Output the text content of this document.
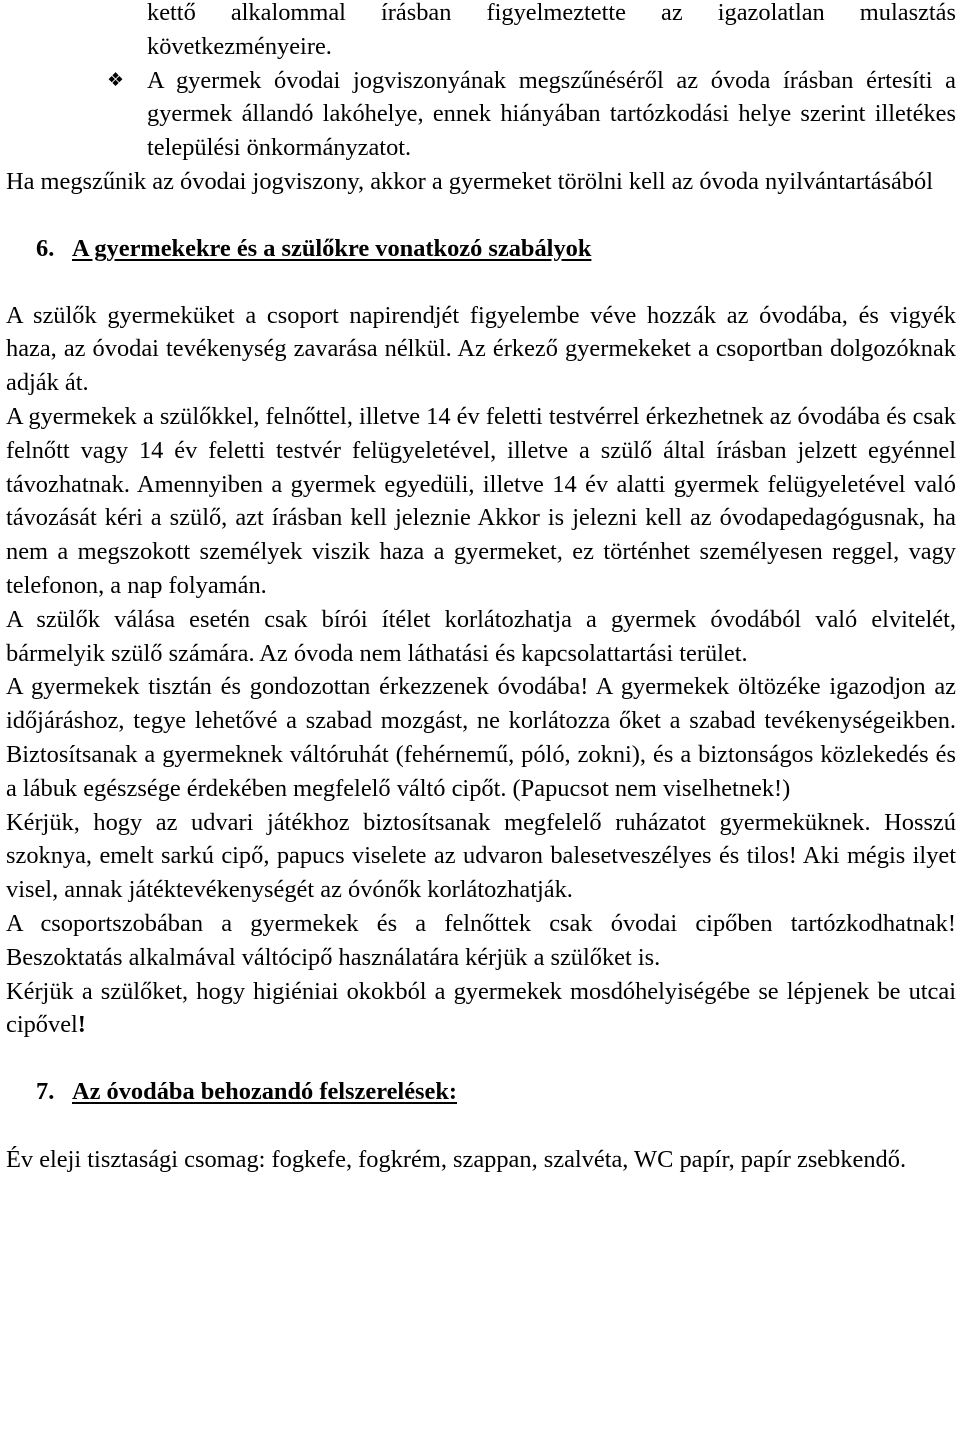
kettő alkalommal írásban figyelmeztette az igazolatlan mulasztás következményeire.

❖ A gyermek óvodai jogviszonyának megszűnéséről az óvoda írásban értesíti a gyermek állandó lakóhelye, ennek hiányában tartózkodási helye szerint illetékes települési önkormányzatot.

Ha megszűnik az óvodai jogviszony, akkor a gyermeket törölni kell az óvoda nyilvántartásából

6. A gyermekekre és a szülőkre vonatkozó szabályok

A szülők gyermeküket a csoport napirendjét figyelembe véve hozzák az óvodába, és vigyék haza, az óvodai tevékenység zavarása nélkül. Az érkező gyermekeket a csoportban dolgozóknak adják át.

A gyermekek a szülőkkel, felnőttel, illetve 14 év feletti testvérrel érkezhetnek az óvodába és csak felnőtt vagy 14 év feletti testvér felügyeletével, illetve a szülő által írásban jelzett egyénnel távozhatnak. Amennyiben a gyermek egyedüli, illetve 14 év alatti gyermek felügyeletével való távozását kéri a szülő, azt írásban kell jeleznie Akkor is jelezni kell az óvodapedagógusnak, ha nem a megszokott személyek viszik haza a gyermeket, ez történhet személyesen reggel, vagy telefonon, a nap folyamán.

A szülők válása esetén csak bírói ítélet korlátozhatja a gyermek óvodából való elvitelét, bármelyik szülő számára. Az óvoda nem láthatási és kapcsolattartási terület.

A gyermekek tisztán és gondozottan érkezzenek óvodába! A gyermekek öltözéke igazodjon az időjáráshoz, tegye lehetővé a szabad mozgást, ne korlátozza őket a szabad tevékenységeikben. Biztosítsanak a gyermeknek váltóruhát (fehérnemű, póló, zokni), és a biztonságos közlekedés és a lábuk egészsége érdekében megfelelő váltó cipőt. (Papucsot nem viselhetnek!)

Kérjük, hogy az udvari játékhoz biztosítsanak megfelelő ruházatot gyermeküknek. Hosszú szoknya, emelt sarkú cipő, papucs viselete az udvaron balesetveszélyes és tilos! Aki mégis ilyet visel, annak játéktevékenységét az óvónők korlátozhatják.

A csoportszobában a gyermekek és a felnőttek csak óvodai cipőben tartózkodhatnak! Beszoktatás alkalmával váltócipő használatára kérjük a szülőket is.

Kérjük a szülőket, hogy higiéniai okokból a gyermekek mosdóhelyiségébe se lépjenek be utcai cipővel!

7. Az óvodába behozandó felszerelések:

Év eleji tisztasági csomag: fogkefe, fogkrém, szappan, szalvéta, WC papír, papír zsebkendő.
